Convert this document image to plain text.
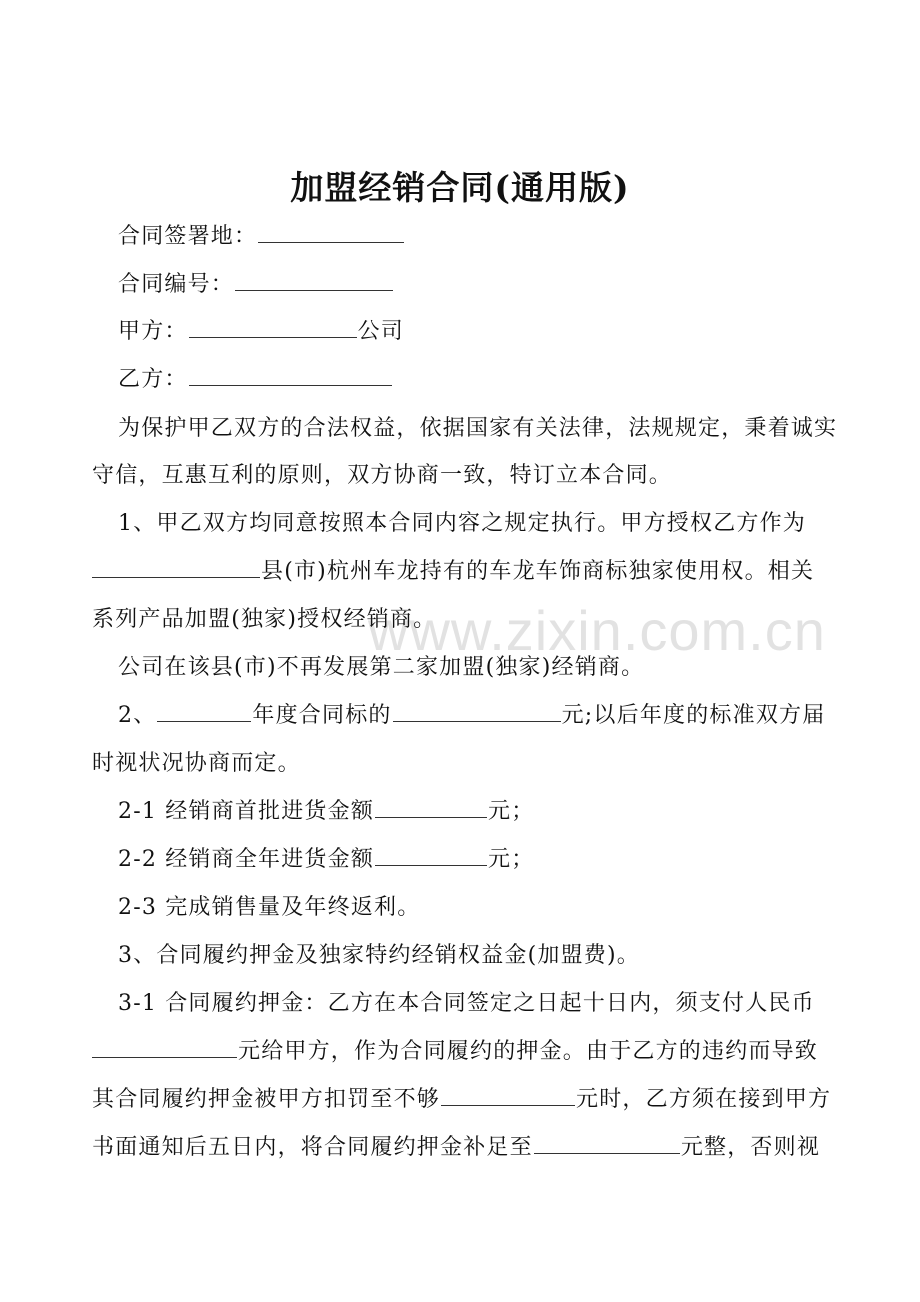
加盟经销合同(通用版)
www.zixin.com.cn
合同签署地：
合同编号：
甲方：	公司
乙方：
为保护甲乙双方的合法权益，依据国家有关法律，法规规定，秉着诚实
守信，互惠互利的原则，双方协商一致，特订立本合同。
1、甲乙双方均同意按照本合同内容之规定执行。甲方授权乙方作为
县(市)杭州车龙持有的车龙车饰商标独家使用权。相关
系列产品加盟(独家)授权经销商。
公司在该县(市)不再发展第二家加盟(独家)经销商。
2、	年度合同标的	元;以后年度的标准双方届
时视状况协商而定。
2-1 经销商首批进货金额	元；
2-2 经销商全年进货金额	元；
2-3 完成销售量及年终返利。
3、合同履约押金及独家特约经销权益金(加盟费)。
3-1 合同履约押金：乙方在本合同签定之日起十日内，须支付人民币
元给甲方，作为合同履约的押金。由于乙方的违约而导致
其合同履约押金被甲方扣罚至不够	元时，乙方须在接到甲方
书面通知后五日内，将合同履约押金补足至	元整，否则视
